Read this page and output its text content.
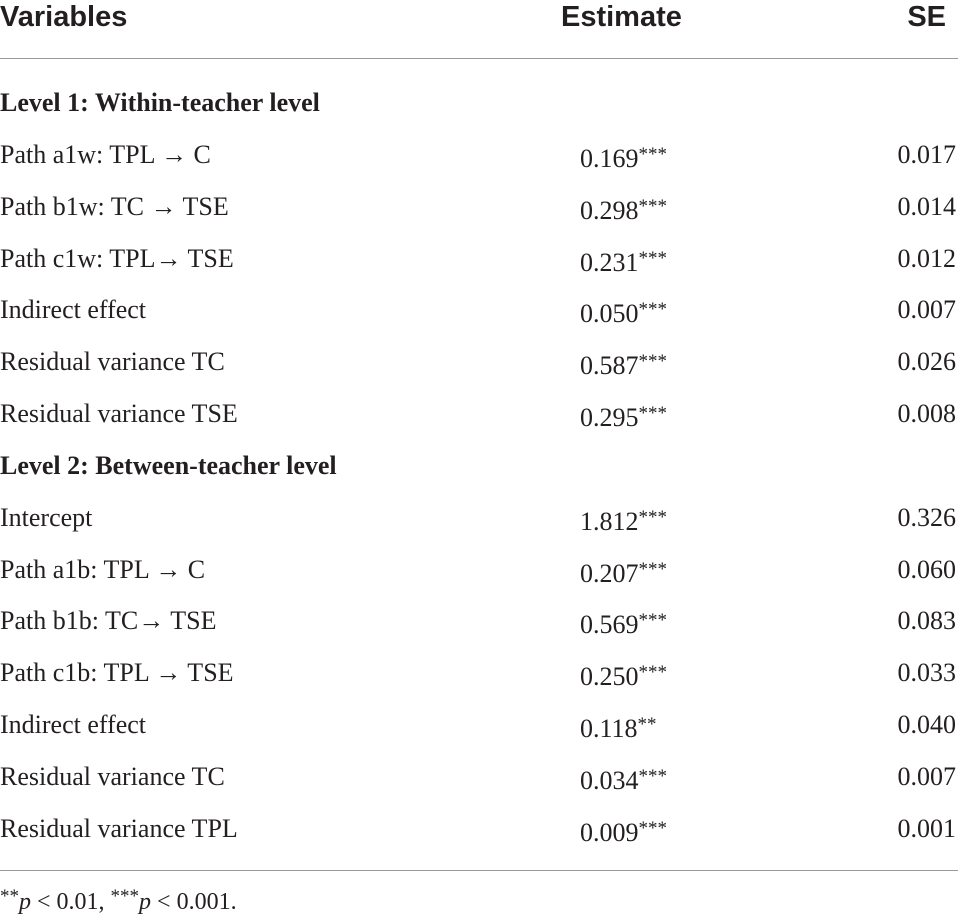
Variables	Estimate	SE
Level 1: Within-teacher level
Path a1w: TPL → C	0.169***	0.017
Path b1w: TC → TSE	0.298***	0.014
Path c1w: TPL→ TSE	0.231***	0.012
Indirect effect	0.050***	0.007
Residual variance TC	0.587***	0.026
Residual variance TSE	0.295***	0.008
Level 2: Between-teacher level
Intercept	1.812***	0.326
Path a1b: TPL → C	0.207***	0.060
Path b1b: TC→ TSE	0.569***	0.083
Path c1b: TPL → TSE	0.250***	0.033
Indirect effect	0.118**	0.040
Residual variance TC	0.034***	0.007
Residual variance TPL	0.009***	0.001
**p < 0.01, ***p < 0.001.
